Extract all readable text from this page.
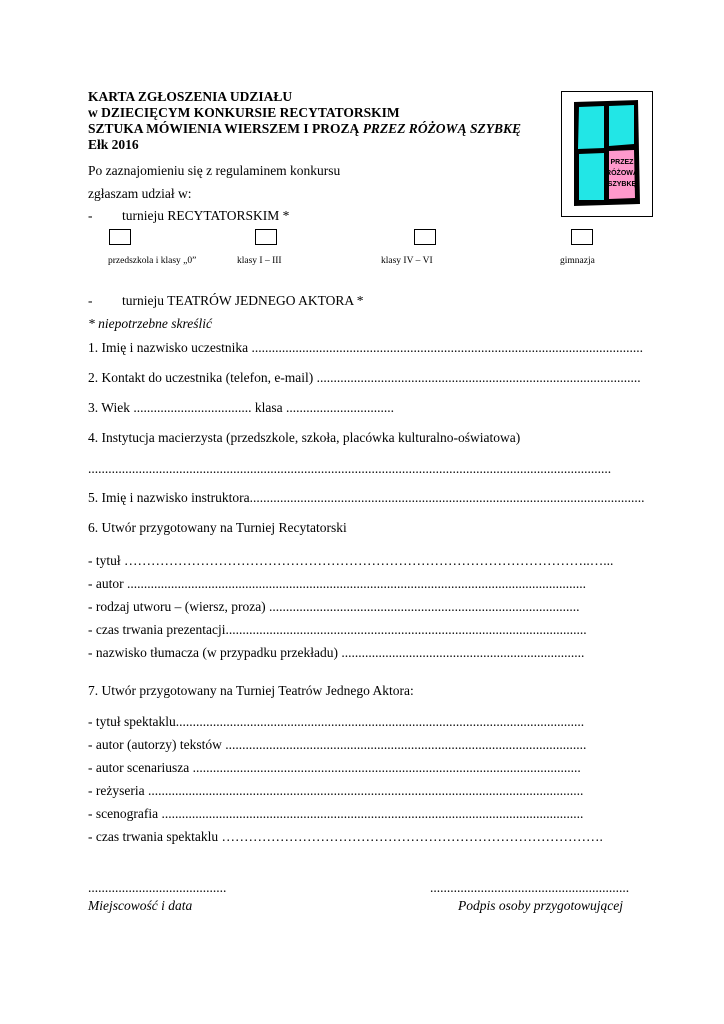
KARTA ZGŁOSZENIA UDZIAŁU
w DZIECIĘCYM KONKURSIE RECYTATORSKIM
SZTUKA MÓWIENIA WIERSZEM I PROZĄ PRZEZ RÓŻOWĄ SZYBKĘ
Ełk 2016
PRZEZ
RÓŻOWĄ
SZYBKĘ
Po zaznajomieniu się z regulaminem konkursu
zgłaszam udział w:
- turnieju RECYTATORSKIM *
przedszkola i klasy „0”	klasy I – III	klasy IV – VI	gimnazja
- turnieju TEATRÓW JEDNEGO AKTORA *
* niepotrzebne skreślić
1. Imię i nazwisko uczestnika ....................................................................................................................
2. Kontakt do uczestnika (telefon, e-mail) ................................................................................................
3. Wiek ................................... klasa ................................
4. Instytucja macierzysta (przedszkole, szkoła, placówka kulturalno-oświatowa)
...........................................................................................................................................................
5. Imię i nazwisko instruktora.....................................................................................................................
6. Utwór przygotowany na Turniej Recytatorski
- tytuł …………………………………………………………………………………………..…...
- autor ........................................................................................................................................
- rodzaj utworu – (wiersz, proza) ............................................................................................
- czas trwania prezentacji...........................................................................................................
- nazwisko tłumacza (w przypadku przekładu) ........................................................................
7. Utwór przygotowany na Turniej Teatrów Jednego Aktora:
- tytuł spektaklu.........................................................................................................................
- autor (autorzy) tekstów ...........................................................................................................
- autor scenariusza ...................................................................................................................
- reżyseria .................................................................................................................................
- scenografia .............................................................................................................................
- czas trwania spektaklu ………………………………………………………………………….
.........................................
Miejscowość i data
...........................................................
Podpis osoby przygotowującej
